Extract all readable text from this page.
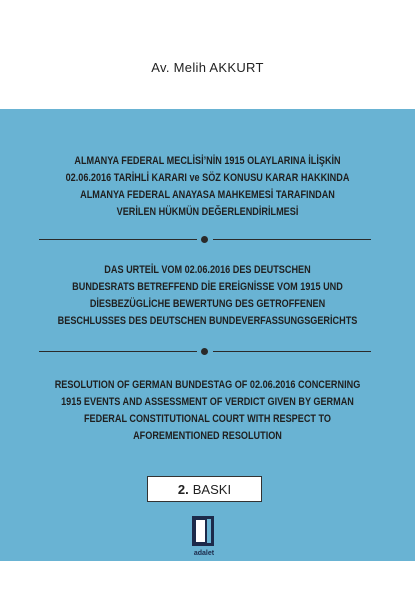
Av. Melih AKKURT
ALMANYA FEDERAL MECLİSİ’NİN 1915 OLAYLARINA İLİŞKİN
02.06.2016 TARİHLİ KARARI ve SÖZ KONUSU KARAR HAKKINDA
ALMANYA FEDERAL ANAYASA MAHKEMESİ TARAFINDAN
VERİLEN HÜKMÜN DEĞERLENDİRİLMESİ
DAS URTEİL VOM 02.06.2016 DES DEUTSCHEN
BUNDESRATS BETREFFEND DİE EREİGNİSSE VOM 1915 UND
DİESBEZÜGLİCHE BEWERTUNG DES GETROFFENEN
BESCHLUSSES DES DEUTSCHEN BUNDEVERFASSUNGSGERİCHTS
RESOLUTION OF GERMAN BUNDESTAG OF 02.06.2016 CONCERNING
1915 EVENTS AND ASSESSMENT OF VERDICT GIVEN BY GERMAN
FEDERAL CONSTITUTIONAL COURT WITH RESPECT TO
AFOREMENTIONED RESOLUTION
2. BASKI
adalet
